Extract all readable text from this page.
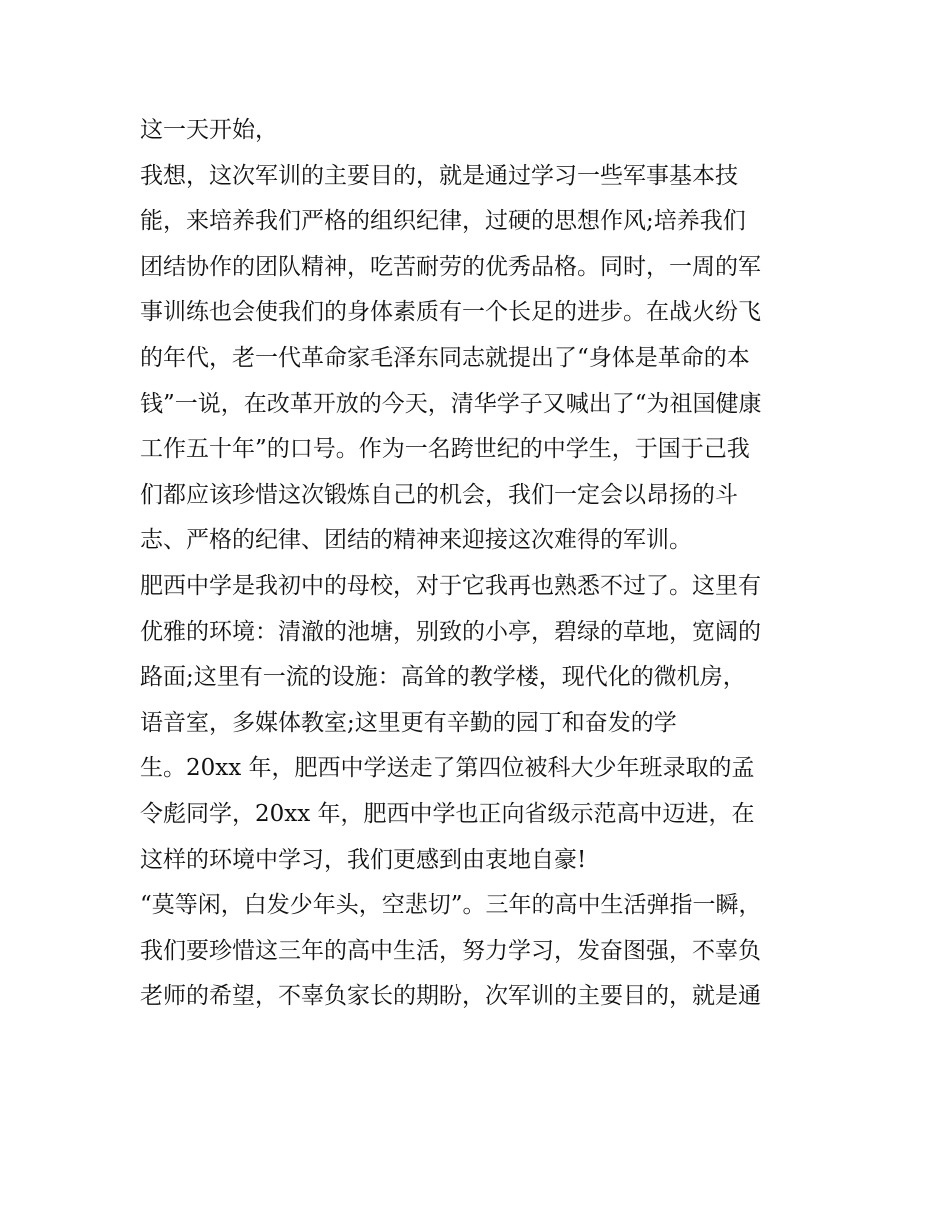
这一天开始，
我想，这次军训的主要目的，就是通过学习一些军事基本技
能，来培养我们严格的组织纪律，过硬的思想作风;培养我们
团结协作的团队精神，吃苦耐劳的优秀品格。同时，一周的军
事训练也会使我们的身体素质有一个长足的进步。在战火纷飞
的年代，老一代革命家毛泽东同志就提出了“身体是革命的本
钱”一说，在改革开放的今天，清华学子又喊出了“为祖国健康
工作五十年”的口号。作为一名跨世纪的中学生，于国于己我
们都应该珍惜这次锻炼自己的机会，我们一定会以昂扬的斗
志、严格的纪律、团结的精神来迎接这次难得的军训。
肥西中学是我初中的母校，对于它我再也熟悉不过了。这里有
优雅的环境：清澈的池塘，别致的小亭，碧绿的草地，宽阔的
路面;这里有一流的设施：高耸的教学楼，现代化的微机房，
语音室，多媒体教室;这里更有辛勤的园丁和奋发的学
生。20xx 年，肥西中学送走了第四位被科大少年班录取的孟
令彪同学，20xx 年，肥西中学也正向省级示范高中迈进，在
这样的环境中学习，我们更感到由衷地自豪!
“莫等闲，白发少年头，空悲切”。三年的高中生活弹指一瞬，
我们要珍惜这三年的高中生活，努力学习，发奋图强，不辜负
老师的希望，不辜负家长的期盼，次军训的主要目的，就是通
